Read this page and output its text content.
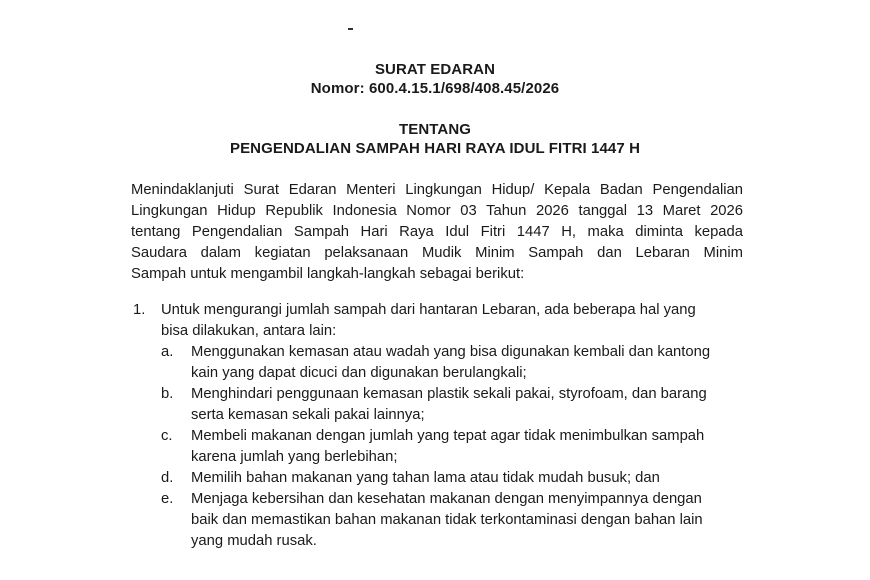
SURAT EDARAN
Nomor: 600.4.15.1/698/408.45/2026
TENTANG
PENGENDALIAN SAMPAH HARI RAYA IDUL FITRI 1447 H
Menindaklanjuti Surat Edaran Menteri Lingkungan Hidup/ Kepala Badan Pengendalian
Lingkungan Hidup Republik Indonesia Nomor 03 Tahun 2026 tanggal 13 Maret 2026
tentang Pengendalian Sampah Hari Raya Idul Fitri 1447 H, maka diminta kepada
Saudara dalam kegiatan pelaksanaan Mudik Minim Sampah dan Lebaran Minim
Sampah untuk mengambil langkah-langkah sebagai berikut:
1. Untuk mengurangi jumlah sampah dari hantaran Lebaran, ada beberapa hal yang
bisa dilakukan, antara lain:
a. Menggunakan kemasan atau wadah yang bisa digunakan kembali dan kantong
kain yang dapat dicuci dan digunakan berulangkali;
b. Menghindari penggunaan kemasan plastik sekali pakai, styrofoam, dan barang
serta kemasan sekali pakai lainnya;
c. Membeli makanan dengan jumlah yang tepat agar tidak menimbulkan sampah
karena jumlah yang berlebihan;
d. Memilih bahan makanan yang tahan lama atau tidak mudah busuk; dan
e. Menjaga kebersihan dan kesehatan makanan dengan menyimpannya dengan
baik dan memastikan bahan makanan tidak terkontaminasi dengan bahan lain
yang mudah rusak.
